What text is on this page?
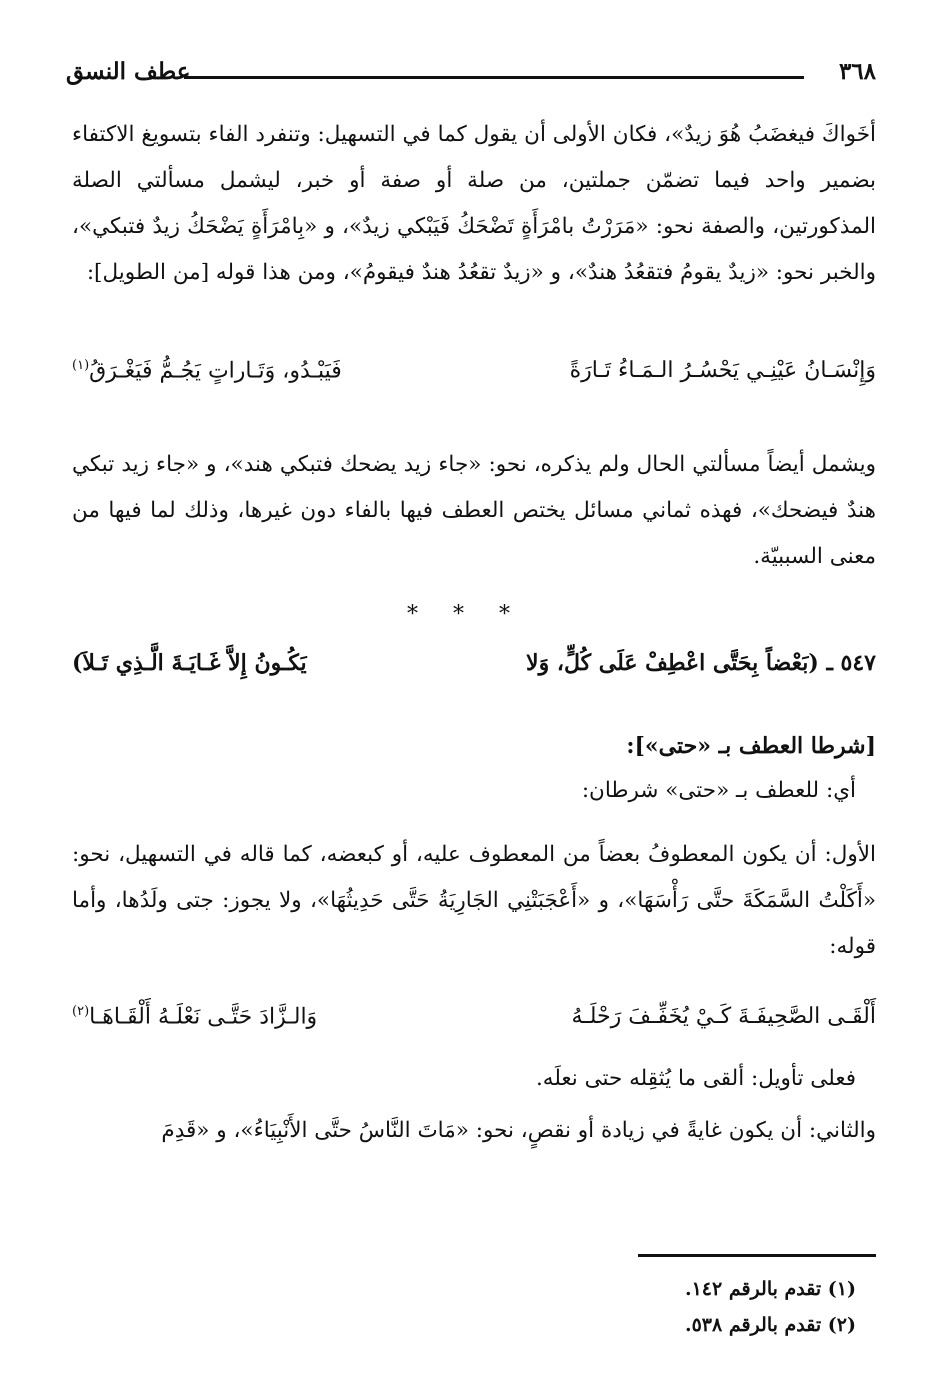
٣٦٨
عطف النسق
أخَواكَ فيغضَبُ هُوَ زيدٌ»، فكان الأولى أن يقول كما في التسهيل: وتنفرد الفاء بتسويغ الاكتفاء بضمير واحد فيما تضمّن جملتين، من صلة أو صفة أو خبر، ليشمل مسألتي الصلة المذكورتين، والصفة نحو: «مَرَرْتُ بامْرَأَةٍ تَضْحَكُ فَيَبْكي زيدٌ»، و «بِامْرَأَةٍ يَضْحَكُ زيدٌ فتبكي»، والخبر نحو: «زيدٌ يقومُ فتقعُدُ هندٌ»، و «زيدٌ تقعُدُ هندٌ فيقومُ»، ومن هذا قوله [من الطويل]:
وَإِنْسَـانُ عَيْنِـي يَحْسُـرُ الـمَـاءُ تَـارَةً
فَيَبْـدُو، وَتَـاراتٍ يَجُـمُّ فَيَغْـرَقُ$^{(١)}$
ويشمل أيضاً مسألتي الحال ولم يذكره، نحو: «جاء زيد يضحك فتبكي هند»، و «جاء زيد تبكي هندٌ فيضحك»، فهذه ثماني مسائل يختص العطف فيها بالفاء دون غيرها، وذلك لما فيها من معنى السببيّة.
* * *
٥٤٧ ـ (بَعْضاً بِحَتَّى اعْطِفْ عَلَى كُلٍّ، وَلا
يَكُـونُ إِلاَّ غَـايَـةَ الَّـذِي تَـلاَ)
[شرطا العطف بـ «حتى»]:
أي: للعطف بـ «حتى» شرطان:
الأول: أن يكون المعطوفُ بعضاً من المعطوف عليه، أو كبعضه، كما قاله في التسهيل، نحو: «أَكَلْتُ السَّمَكَةَ حتَّى رَأْسَهَا»، و «أَعْجَبَتْنِي الجَارِيَةُ حَتَّى حَدِيثُهَا»، ولا يجوز: جتى ولَدُها، وأما قوله:
أَلْقَـى الصَّحِيفَـةَ كَـيْ يُخَفِّـفَ رَحْلَـهُ
وَالـزَّادَ حَتَّـى نَعْلَـهُ أَلْقَـاهَـا$^{(٢)}$
فعلى تأويل: ألقى ما يُثقِله حتى نعلَه.
والثاني: أن يكون غايةً في زيادة أو نقصٍ، نحو: «مَاتَ النَّاسُ حتَّى الأَنْبِيَاءُ»، و «قَدِمَ
(١) تقدم بالرقم ١٤٢.
(٢) تقدم بالرقم ٥٣٨.
